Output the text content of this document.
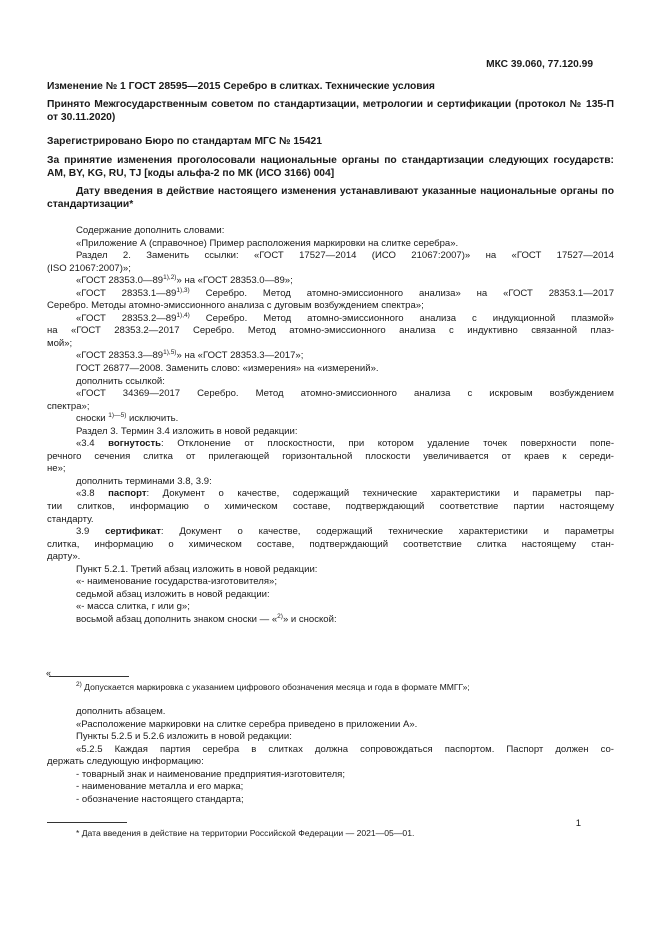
МКС 39.060, 77.120.99

Изменение № 1 ГОСТ 28595—2015 Серебро в слитках. Технические условия

Принято Межгосударственным советом по стандартизации, метрологии и сертификации (протокол № 135-П от 30.11.2020)

Зарегистрировано Бюро по стандартам МГС № 15421

За принятие изменения проголосовали национальные органы по стандартизации следующих государств: AM, BY, KG, RU, TJ [коды альфа-2 по МК (ИСО 3166) 004]

Дату введения в действие настоящего изменения устанавливают указанные национальные органы по стандартизации*

Содержание дополнить словами:

«Приложение А (справочное) Пример расположения маркировки на слитке серебра».

Раздел 2. Заменить ссылки: «ГОСТ 17527—2014 (ИСО 21067:2007)» на «ГОСТ 17527—2014

(ISO 21067:2007)»;

«ГОСТ $28353.0—89^{1),2)}$» на «ГОСТ 28353.0—89»;

«ГОСТ $28353.1—89^{1),3)}$ Серебро. Метод атомно-эмиссионного анализа» на «ГОСТ 28353.1—2017

Серебро. Методы атомно-эмиссионного анализа с дуговым возбуждением спектра»;

«ГОСТ $28353.2—89^{1),4)}$ Серебро. Метод атомно-эмиссионного анализа с индукционной плазмой»

на «ГОСТ 28353.2—2017 Серебро. Метод атомно-эмиссионного анализа с индуктивно связанной плаз-

мой»;

«ГОСТ $28353.3—89^{1),5)}$» на «ГОСТ 28353.3—2017»;

ГОСТ 26877—2008. Заменить слово: «измерения» на «измерений».

дополнить ссылкой:

«ГОСТ 34369—2017 Серебро. Метод атомно-эмиссионного анализа с искровым возбуждением

спектра»;

сноски $^{1)—5)}$ исключить.

Раздел 3. Термин 3.4 изложить в новой редакции:

«3.4 вогнутость: Отклонение от плоскостности, при котором удаление точек поверхности попе-

речного сечения слитка от прилегающей горизонтальной плоскости увеличивается от краев к середи-

не»;

дополнить терминами 3.8, 3.9:

«3.8 паспорт: Документ о качестве, содержащий технические характеристики и параметры пар-

тии слитков, информацию о химическом составе, подтверждающий соответствие партии настоящему

стандарту.

3.9 сертификат: Документ о качестве, содержащий технические характеристики и параметры

слитка, информацию о химическом составе, подтверждающий соответствие слитка настоящему стан-

дарту».

Пункт 5.2.1. Третий абзац изложить в новой редакции:

«- наименование государства-изготовителя»;

седьмой абзац изложить в новой редакции:

«- масса слитка, г или g»;

восьмой абзац дополнить знаком сноски — «$^{2)}$» и сноской:

«

$^{2)}$ Допускается маркировка с указанием цифрового обозначения месяца и года в формате ММГГ»;

дополнить абзацем.

«Расположение маркировки на слитке серебра приведено в приложении А».

Пункты 5.2.5 и 5.2.6 изложить в новой редакции:

«5.2.5 Каждая партия серебра в слитках должна сопровождаться паспортом. Паспорт должен со-

держать следующую информацию:

- товарный знак и наименование предприятия-изготовителя;

- наименование металла и его марка;

- обозначение настоящего стандарта;

* Дата введения в действие на территории Российской Федерации — 2021—05—01.

1
